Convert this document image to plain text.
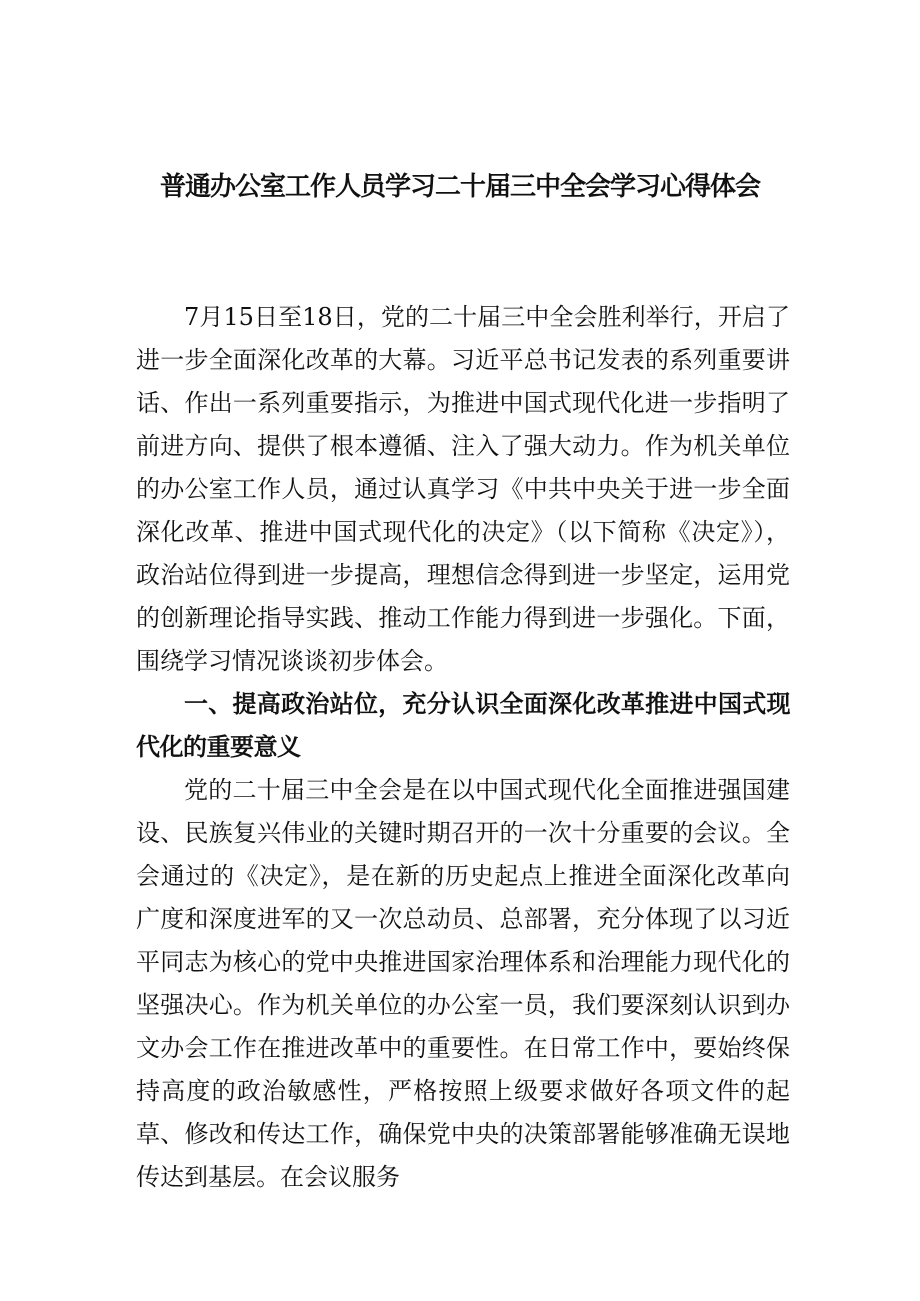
普通办公室工作人员学习二十届三中全会学习心得体会

7月15日至18日，党的二十届三中全会胜利举行，开启了进一步全面深化改革的大幕。习近平总书记发表的系列重要讲话、作出一系列重要指示，为推进中国式现代化进一步指明了前进方向、提供了根本遵循、注入了强大动力。作为机关单位的办公室工作人员，通过认真学习《中共中央关于进一步全面深化改革、推进中国式现代化的决定》（以下简称《决定》），政治站位得到进一步提高，理想信念得到进一步坚定，运用党的创新理论指导实践、推动工作能力得到进一步强化。下面，围绕学习情况谈谈初步体会。

一、提高政治站位，充分认识全面深化改革推进中国式现代化的重要意义

党的二十届三中全会是在以中国式现代化全面推进强国建设、民族复兴伟业的关键时期召开的一次十分重要的会议。全会通过的《决定》，是在新的历史起点上推进全面深化改革向广度和深度进军的又一次总动员、总部署，充分体现了以习近平同志为核心的党中央推进国家治理体系和治理能力现代化的坚强决心。作为机关单位的办公室一员，我们要深刻认识到办文办会工作在推进改革中的重要性。在日常工作中，要始终保持高度的政治敏感性，严格按照上级要求做好各项文件的起草、修改和传达工作，确保党中央的决策部署能够准确无误地传达到基层。在会议服务
